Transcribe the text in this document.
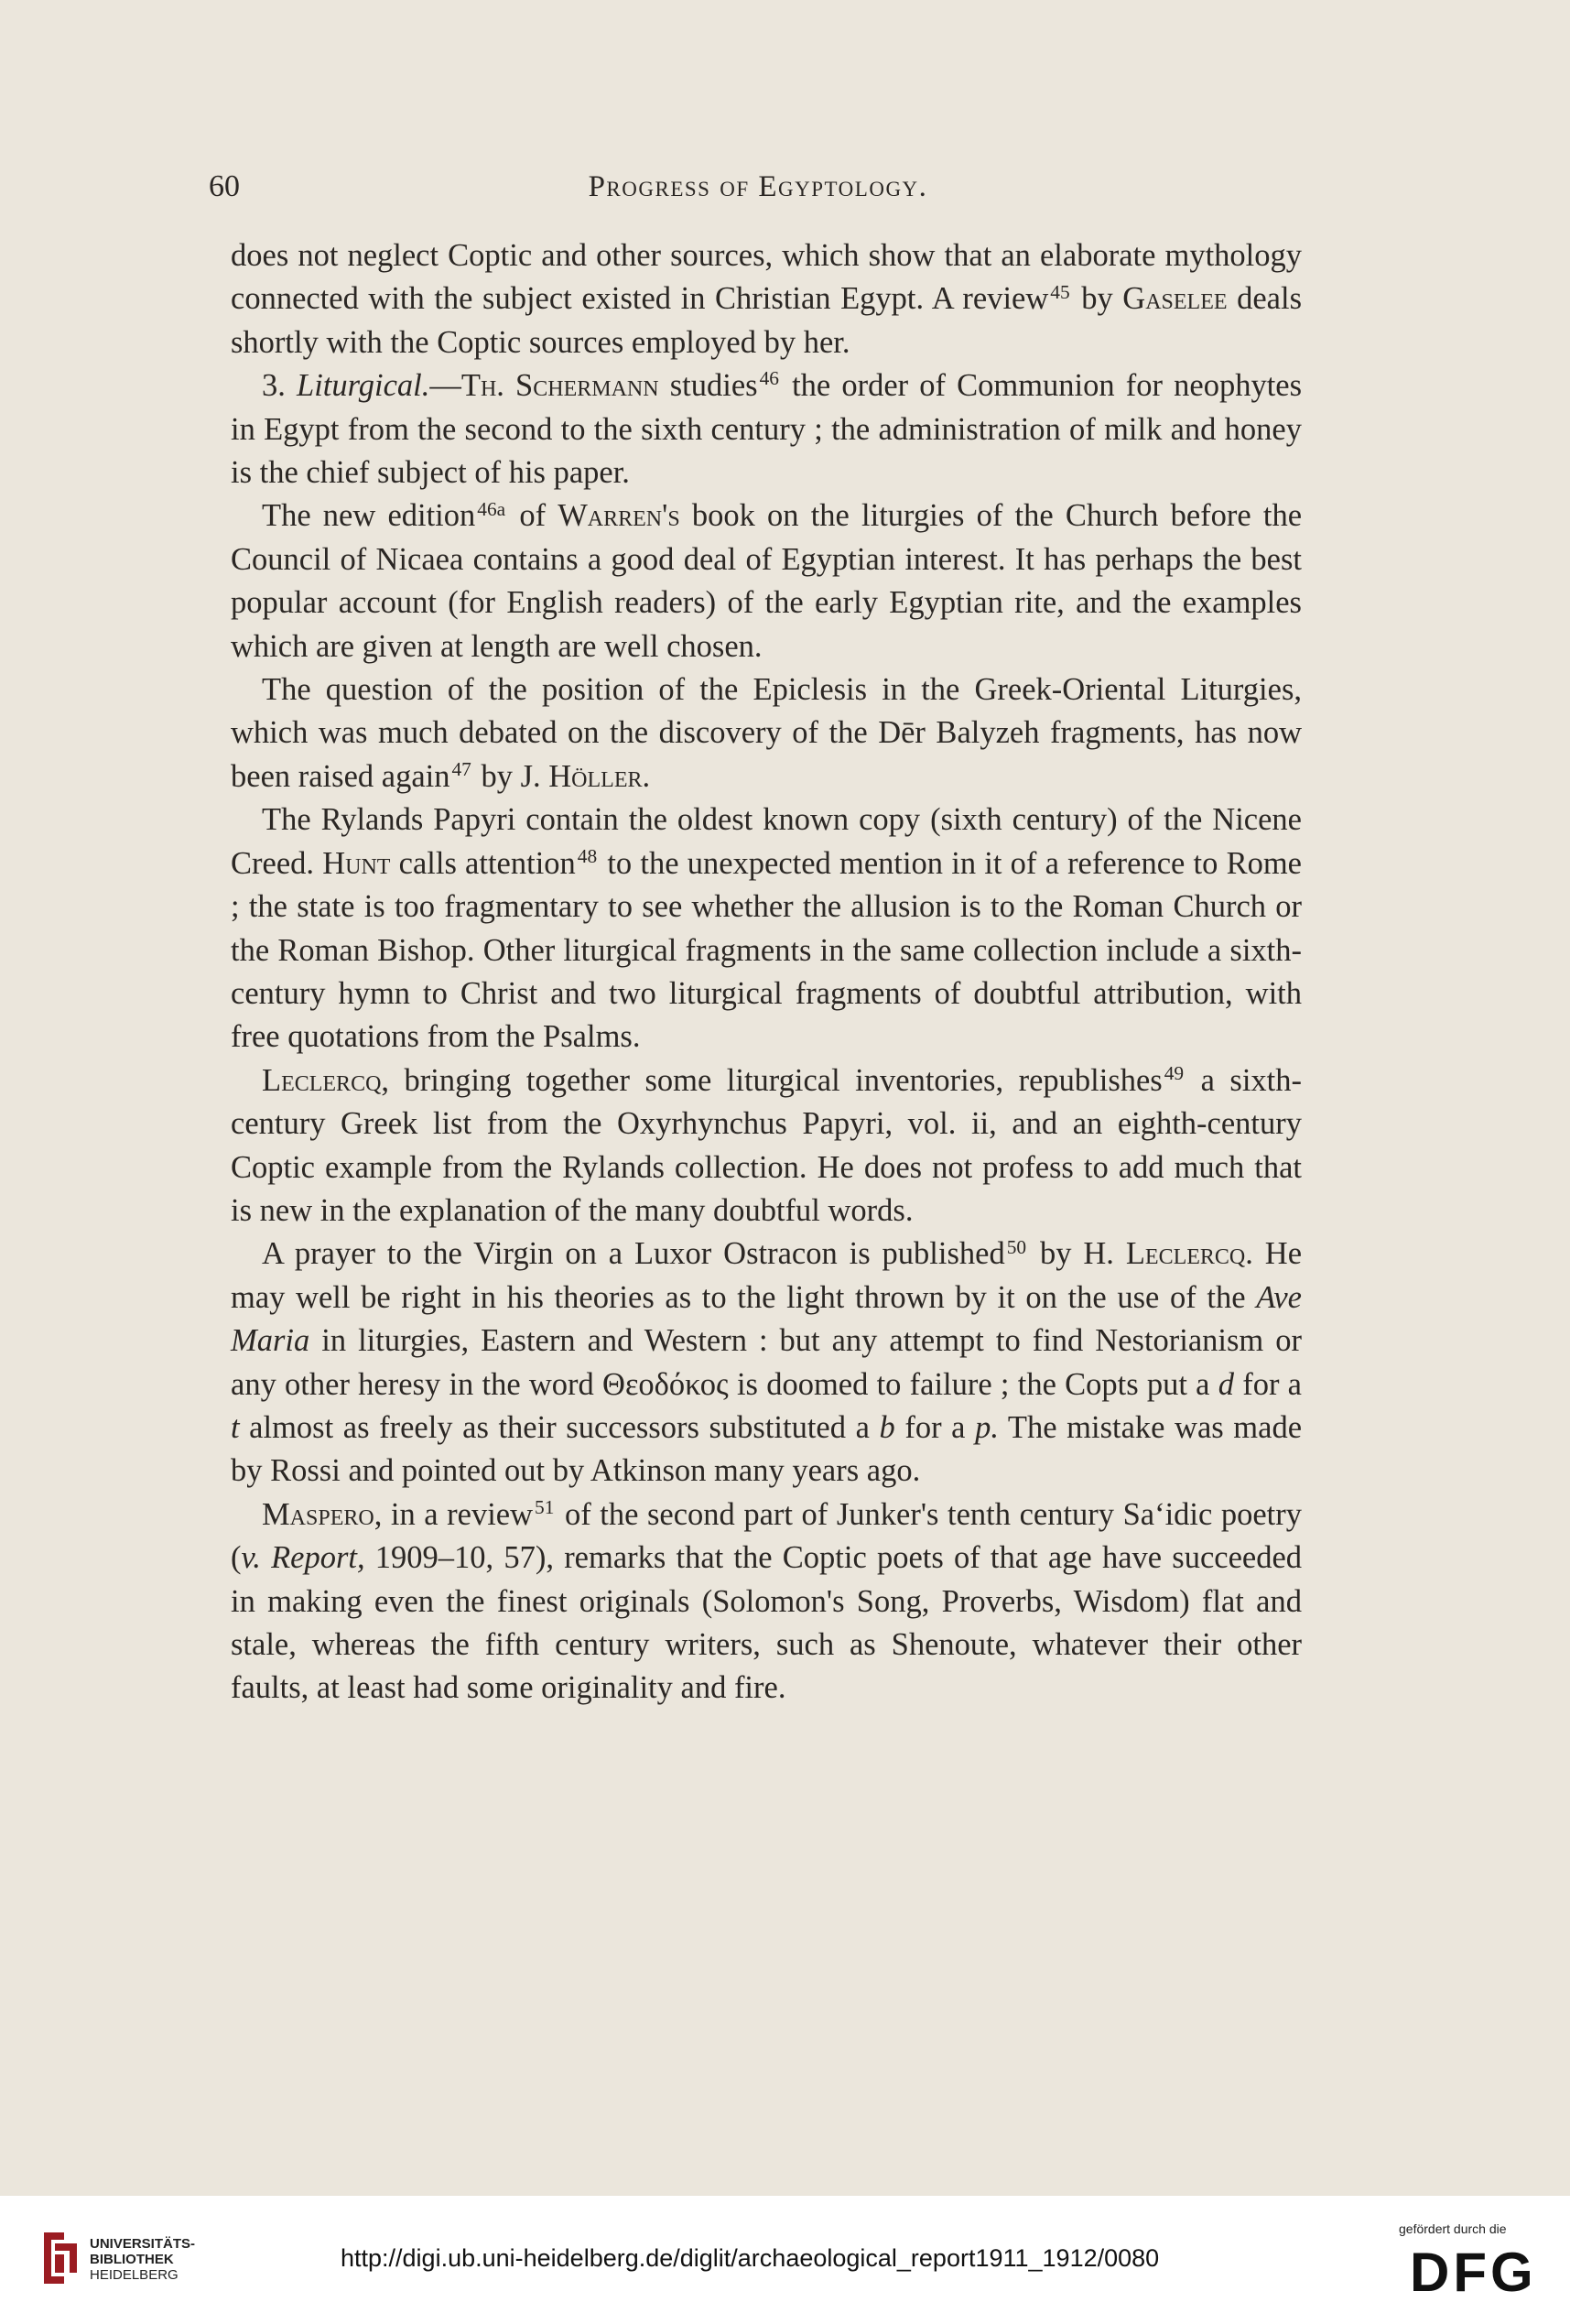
60	Progress of Egyptology.

does not neglect Coptic and other sources, which show that an elaborate mythology connected with the subject existed in Christian Egypt. A review$^{45}$ by Gaselee deals shortly with the Coptic sources employed by her.

3. Liturgical.—Th. Schermann studies$^{46}$ the order of Communion for neophytes in Egypt from the second to the sixth century ; the administration of milk and honey is the chief subject of his paper.

The new edition$^{46a}$ of Warren's book on the liturgies of the Church before the Council of Nicaea contains a good deal of Egyptian interest. It has perhaps the best popular account (for English readers) of the early Egyptian rite, and the examples which are given at length are well chosen.

The question of the position of the Epiclesis in the Greek-Oriental Liturgies, which was much debated on the discovery of the Dēr Balyzeh fragments, has now been raised again$^{47}$ by J. Höller.

The Rylands Papyri contain the oldest known copy (sixth century) of the Nicene Creed. Hunt calls attention$^{48}$ to the unexpected mention in it of a reference to Rome ; the state is too fragmentary to see whether the allusion is to the Roman Church or the Roman Bishop. Other liturgical fragments in the same collection include a sixth-century hymn to Christ and two liturgical fragments of doubtful attribution, with free quotations from the Psalms.

Leclercq, bringing together some liturgical inventories, republishes$^{49}$ a sixth-century Greek list from the Oxyrhynchus Papyri, vol. ii, and an eighth-century Coptic example from the Rylands collection. He does not profess to add much that is new in the explanation of the many doubtful words.

A prayer to the Virgin on a Luxor Ostracon is published$^{50}$ by H. Leclercq. He may well be right in his theories as to the light thrown by it on the use of the Ave Maria in liturgies, Eastern and Western : but any attempt to find Nestorianism or any other heresy in the word Θεοδόκος is doomed to failure ; the Copts put a d for a t almost as freely as their successors substituted a b for a p. The mistake was made by Rossi and pointed out by Atkinson many years ago.

Maspero, in a review$^{51}$ of the second part of Junker's tenth century Sa‘idic poetry (v. Report, 1909–10, 57), remarks that the Coptic poets of that age have succeeded in making even the finest originals (Solomon's Song, Proverbs, Wisdom) flat and stale, whereas the fifth century writers, such as Shenoute, whatever their other faults, at least had some originality and fire.

UNIVERSITÄTS-
BIBLIOTHEK
HEIDELBERG
http://digi.ub.uni-heidelberg.de/diglit/archaeological_report1911_1912/0080
gefördert durch die
DFG
